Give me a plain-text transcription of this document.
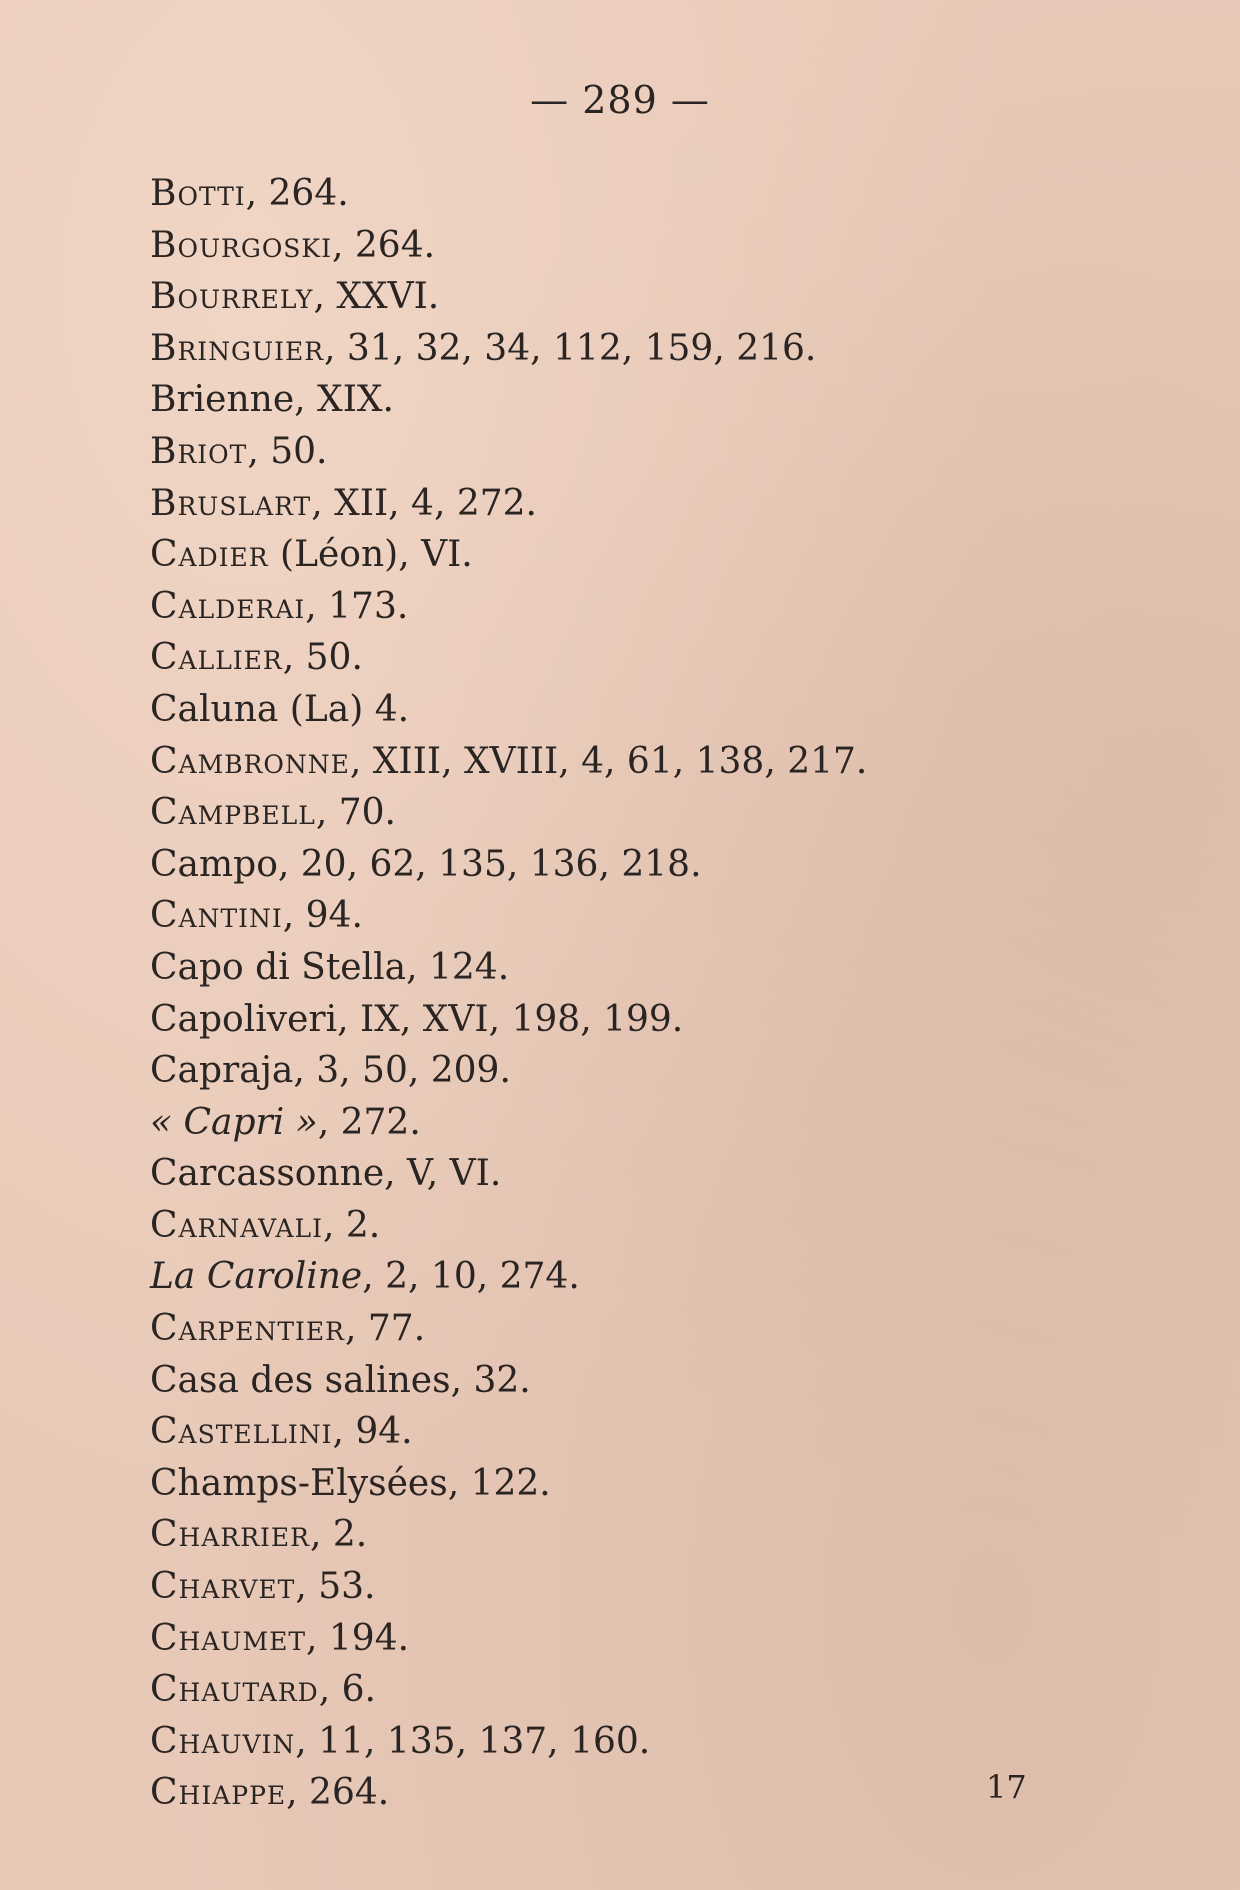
— 289 —
Botti, 264.
Bourgoski, 264.
Bourrely, XXVI.
Bringuier, 31, 32, 34, 112, 159, 216.
Brienne, XIX.
Briot, 50.
Bruslart, XII, 4, 272.
Cadier (Léon), VI.
Calderai, 173.
Callier, 50.
Caluna (La) 4.
Cambronne, XIII, XVIII, 4, 61, 138, 217.
Campbell, 70.
Campo, 20, 62, 135, 136, 218.
Cantini, 94.
Capo di Stella, 124.
Capoliveri, IX, XVI, 198, 199.
Capraja, 3, 50, 209.
« Capri », 272.
Carcassonne, V, VI.
Carnavali, 2.
La Caroline, 2, 10, 274.
Carpentier, 77.
Casa des salines, 32.
Castellini, 94.
Champs-Elysées, 122.
Charrier, 2.
Charvet, 53.
Chaumet, 194.
Chautard, 6.
Chauvin, 11, 135, 137, 160.
Chiappe, 264.	17
